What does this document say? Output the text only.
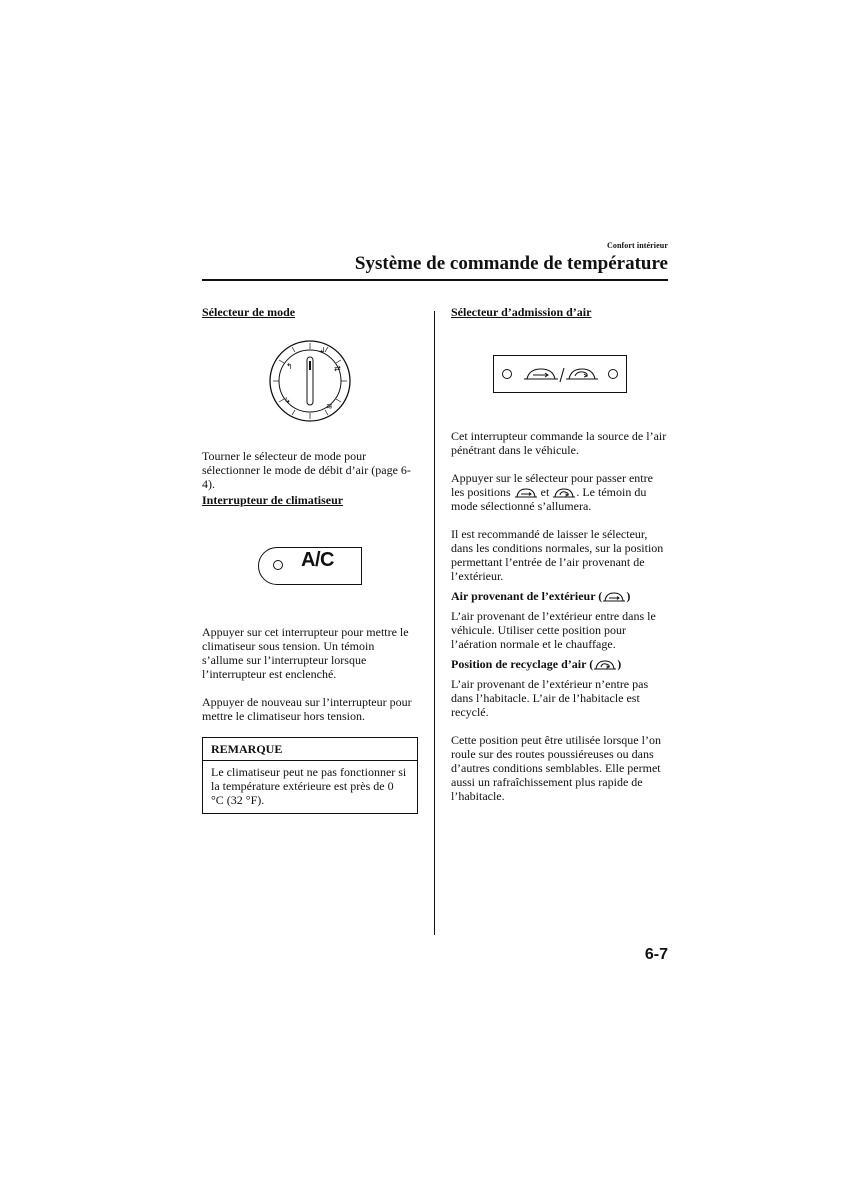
Confort intérieur
Système de commande de température

Sélecteur de mode

↰
↲
⇄
↳
≋

Tourner le sélecteur de mode pour sélectionner le mode de débit d’air (page 6-4).

Interrupteur de climatiseur

A/C

Appuyer sur cet interrupteur pour mettre le climatiseur sous tension. Un témoin s’allume sur l’interrupteur lorsque l’interrupteur est enclenché.

Appuyer de nouveau sur l’interrupteur pour mettre le climatiseur hors tension.

REMARQUE
Le climatiseur peut ne pas fonctionner si la température extérieure est près de 0 °C (32 °F).

Sélecteur d’admission d’air

Cet interrupteur commande la source de l’air pénétrant dans le véhicule.

Appuyer sur le sélecteur pour passer entre les positions	et . Le témoin du mode sélectionné s’allumera.

Il est recommandé de laisser le sélecteur, dans les conditions normales, sur la position permettant l’entrée de l’air provenant de l’extérieur.

Air provenant de l’extérieur ( )

L’air provenant de l’extérieur entre dans le véhicule. Utiliser cette position pour l’aération normale et le chauffage.

Position de recyclage d’air ( )

L’air provenant de l’extérieur n’entre pas dans l’habitacle. L’air de l’habitacle est recyclé.

Cette position peut être utilisée lorsque l’on roule sur des routes poussiéreuses ou dans d’autres conditions semblables. Elle permet aussi un rafraîchissement plus rapide de l’habitacle.

6-7
